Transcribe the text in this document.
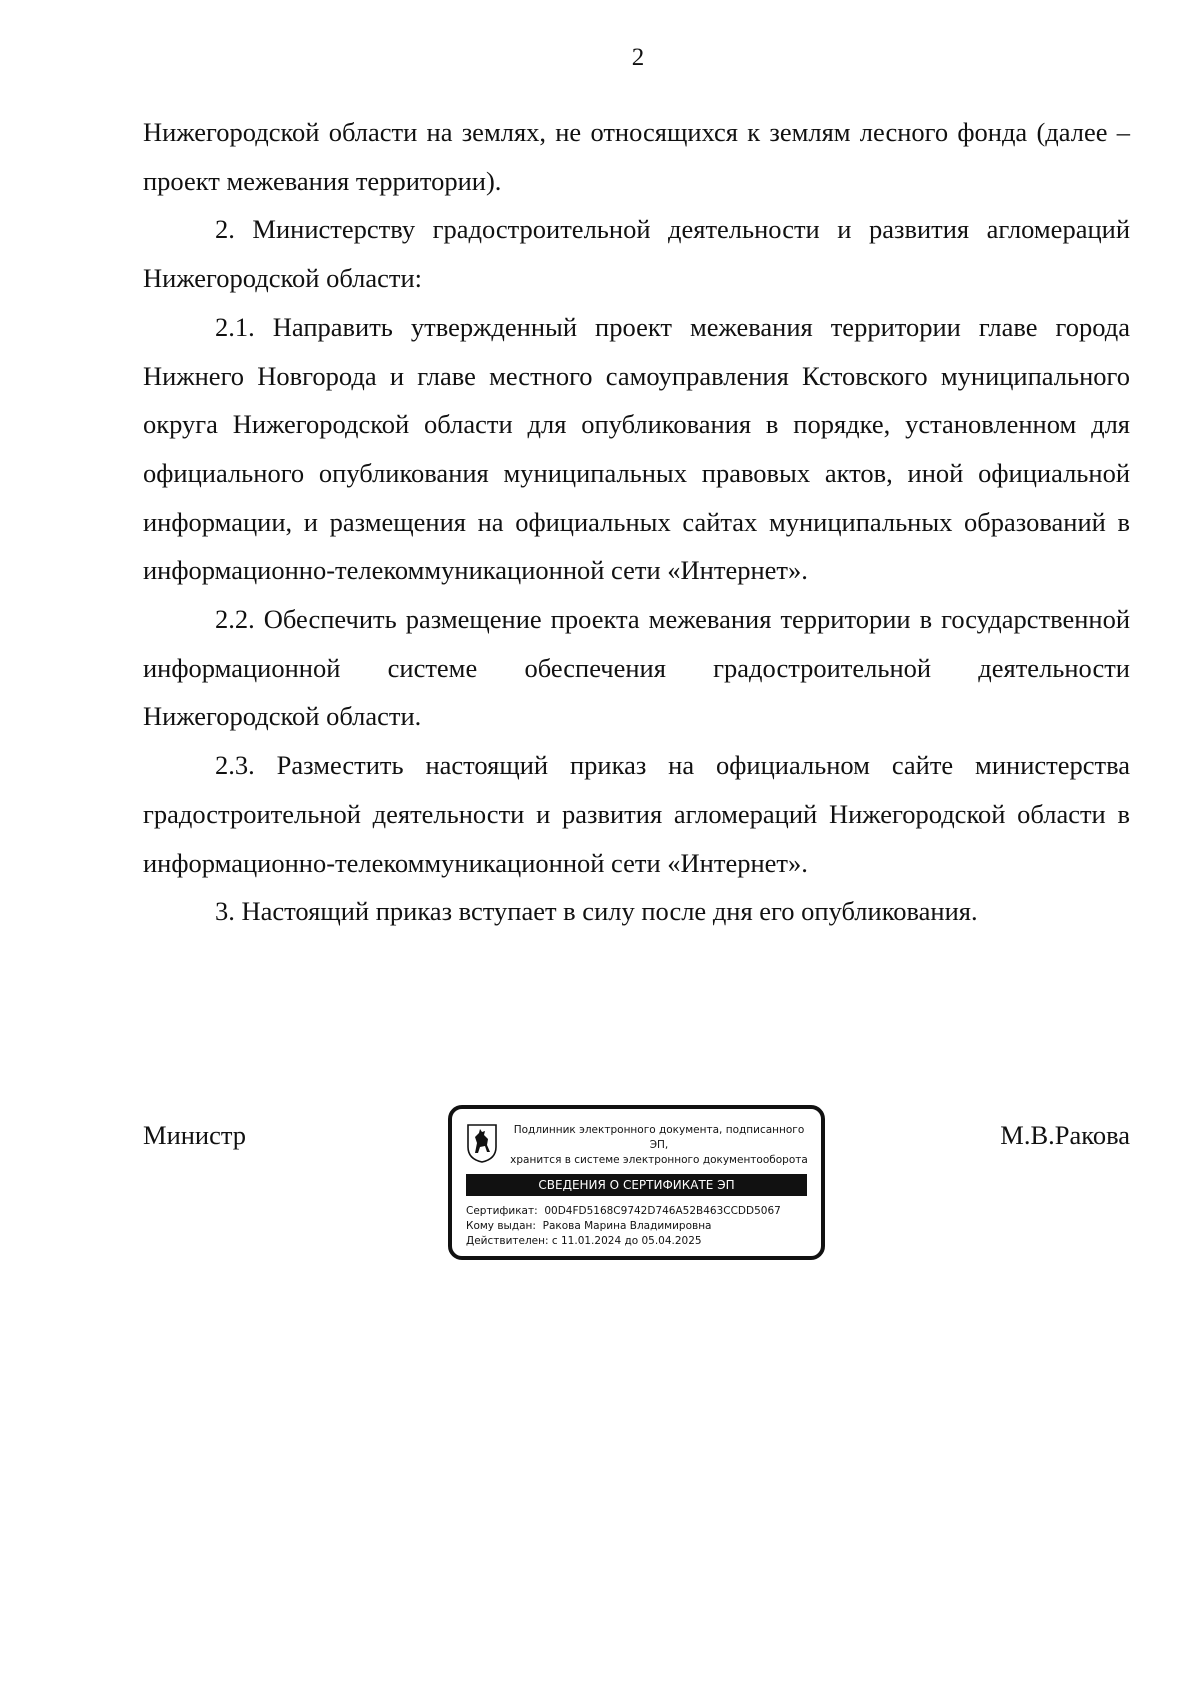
2

Нижегородской области на землях, не относящихся к землям лесного фонда (далее – проект межевания территории).

2. Министерству градостроительной деятельности и развития агломераций Нижегородской области:

2.1. Направить утвержденный проект межевания территории главе города Нижнего Новгорода и главе местного самоуправления Кстовского муниципального округа Нижегородской области для опубликования в порядке, установленном для официального опубликования муниципальных правовых актов, иной официальной информации, и размещения на официальных сайтах муниципальных образований в информационно-телекоммуникационной сети «Интернет».

2.2. Обеспечить размещение проекта межевания территории в государственной информационной системе обеспечения градостроительной деятельности Нижегородской области.

2.3. Разместить настоящий приказ на официальном сайте министерства градостроительной деятельности и развития агломераций Нижегородской области в информационно-телекоммуникационной сети «Интернет».

3. Настоящий приказ вступает в силу после дня его опубликования.

Министр	Подлинник электронного документа, подписанного ЭП,
хранится в системе электронного документооборота
СВЕДЕНИЯ О СЕРТИФИКАТЕ ЭП
Сертификат: 00D4FD5168C9742D746A52B463CCDD5067
Кому выдан: Ракова Марина Владимировна
Действителен: с 11.01.2024 до 05.04.2025
М.В.Ракова
